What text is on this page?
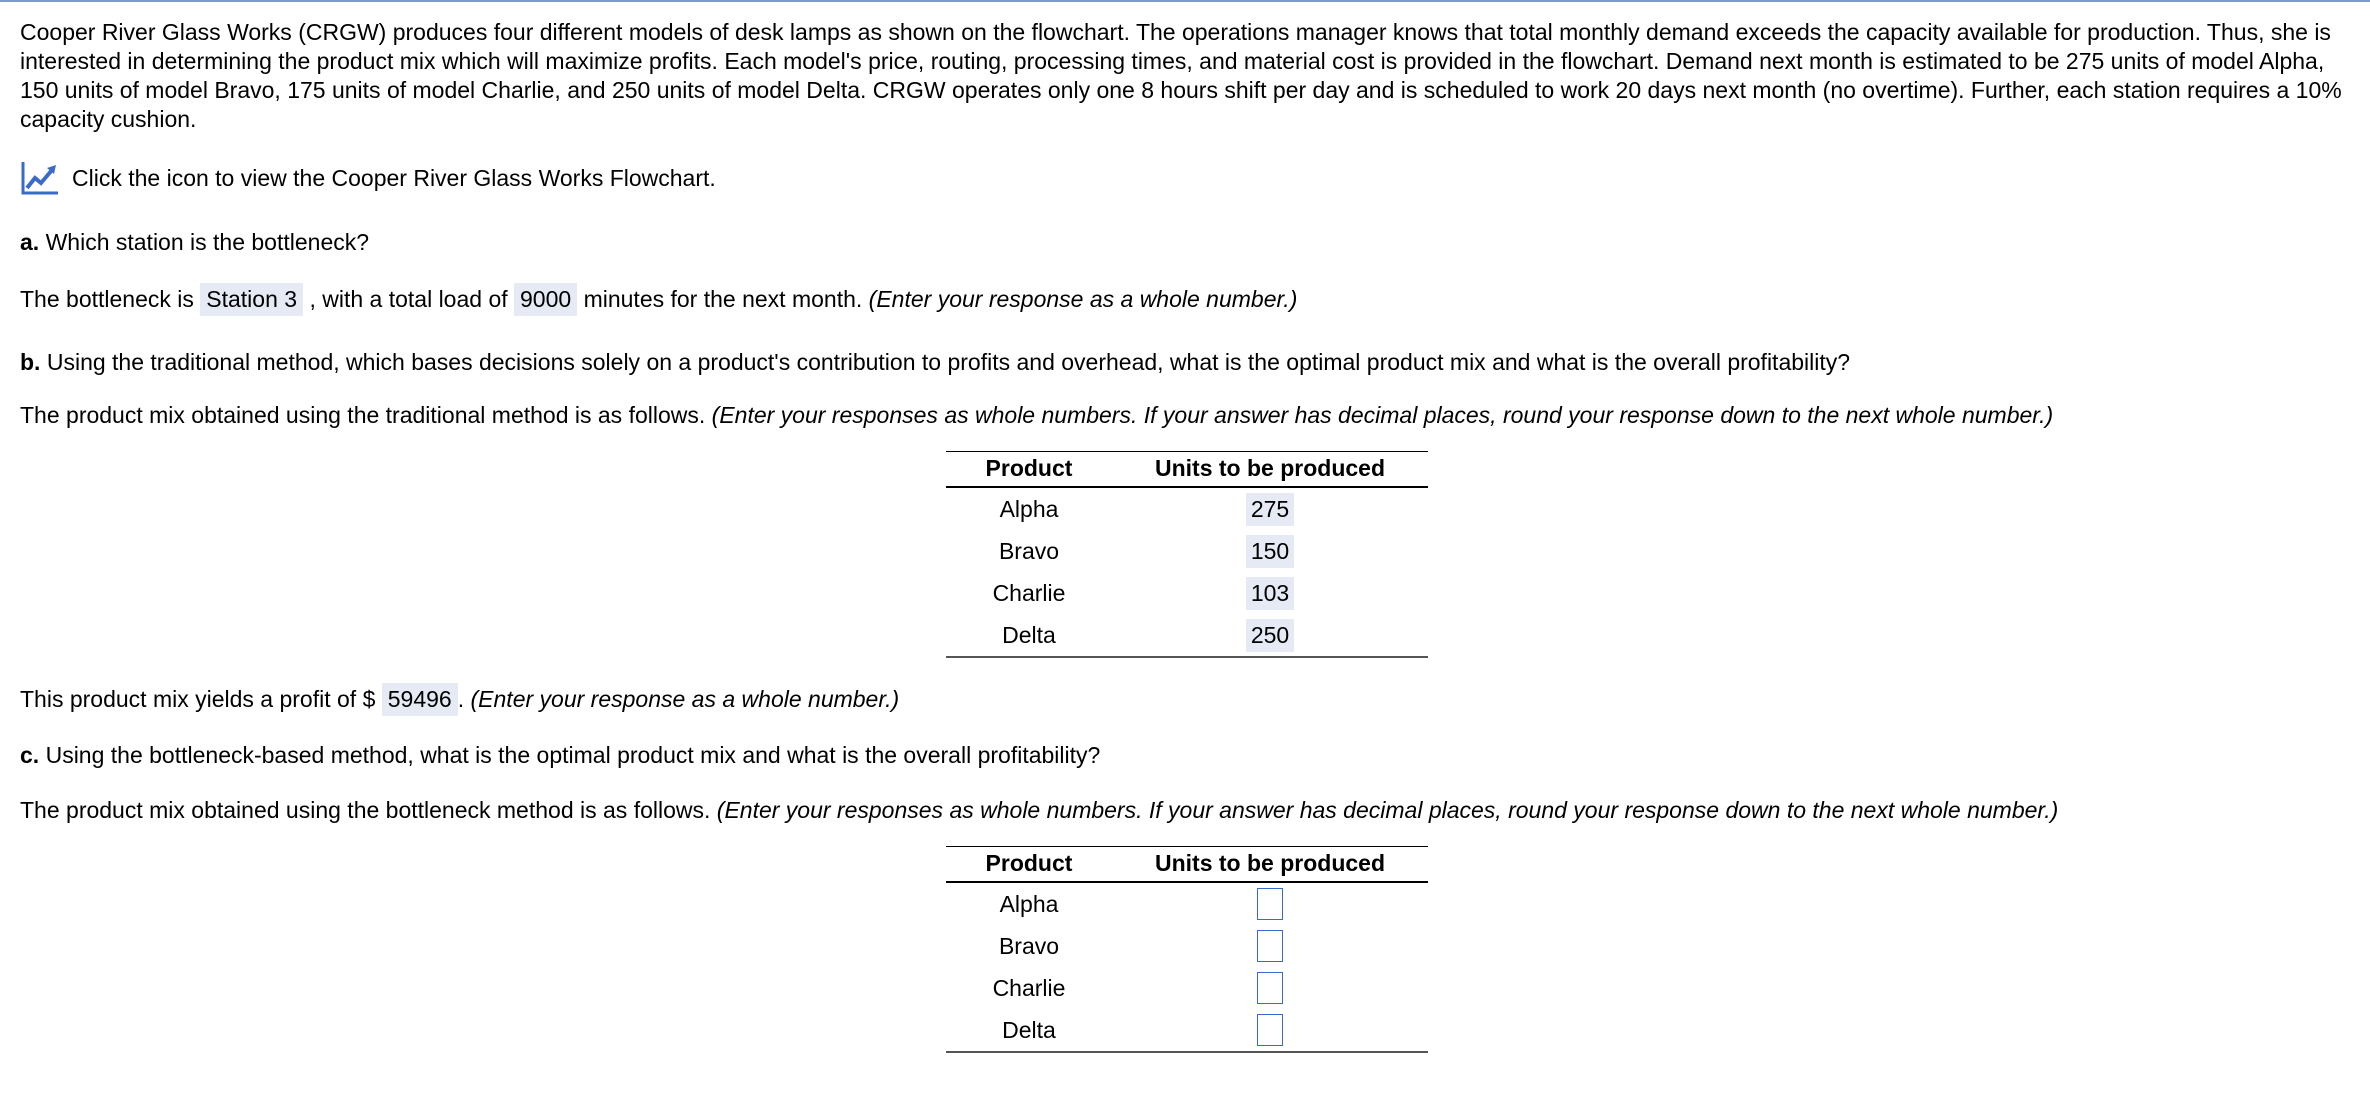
Cooper River Glass Works (CRGW) produces four different models of desk lamps as shown on the flowchart. The operations manager knows that total monthly demand exceeds the capacity available for production. Thus, she is interested in determining the product mix which will maximize profits. Each model's price, routing, processing times, and material cost is provided in the flowchart. Demand next month is estimated to be 275 units of model Alpha, 150 units of model Bravo, 175 units of model Charlie, and 250 units of model Delta. CRGW operates only one 8 hours shift per day and is scheduled to work 20 days next month (no overtime). Further, each station requires a 10% capacity cushion.

Click the icon to view the Cooper River Glass Works Flowchart.

a. Which station is the bottleneck?

The bottleneck is Station 3 , with a total load of 9000 minutes for the next month. (Enter your response as a whole number.)

b. Using the traditional method, which bases decisions solely on a product's contribution to profits and overhead, what is the optimal product mix and what is the overall profitability?

The product mix obtained using the traditional method is as follows. (Enter your responses as whole numbers. If your answer has decimal places, round your response down to the next whole number.)

Product	Units to be produced
Alpha	275
Bravo	150
Charlie	103
Delta	250

This product mix yields a profit of $ 59496 . (Enter your response as a whole number.)

c. Using the bottleneck-based method, what is the optimal product mix and what is the overall profitability?

The product mix obtained using the bottleneck method is as follows. (Enter your responses as whole numbers. If your answer has decimal places, round your response down to the next whole number.)

Product	Units to be produced
Alpha	
Bravo	
Charlie	
Delta	
